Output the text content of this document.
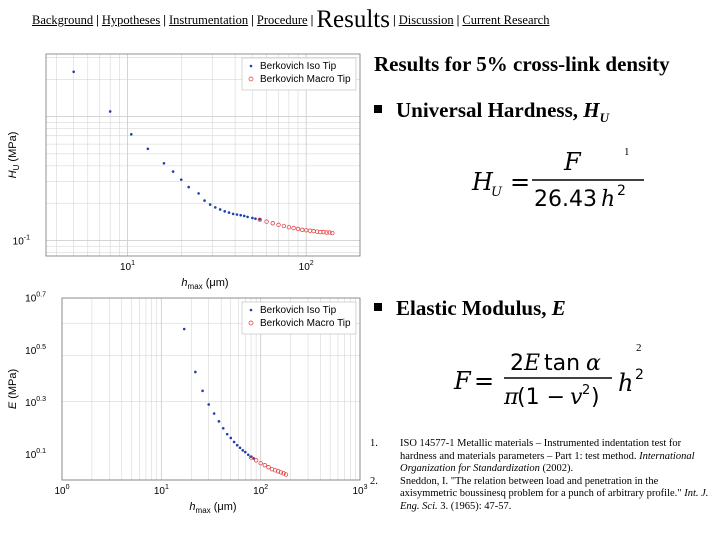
Background | Hypotheses | Instrumentation | Procedure | Results | Discussion | Current Research
$10^1$	$10^2$
$10^{-1}$
$h_{max}$ (μm)
$H_U$ (MPa)
Berkovich Iso Tip
Berkovich Macro Tip
$10^0$	$10^1$	$10^2$	$10^3$
$10^{0.1}$
$10^{0.3}$
$10^{0.5}$
$10^{0.7}$
$h_{max}$ (μm)
E (MPa)
Berkovich Iso Tip
Berkovich Macro Tip
Results for 5% cross-link density
Universal Hardness, $H_U$
1
H
U =
F
26.43 h 2
Elastic Modulus, E
2
F =
2 E tan α
π
(1 − v 2 )
h 2
1.	ISO 14577-1 Metallic materials – Instrumented indentation test for hardness and materials parameters – Part 1: test method. International Organization for Standardization (2002).
2.	Sneddon, I. "The relation between load and penetration in the axisymmetric boussinesq problem for a punch of arbitrary profile." Int. J. Eng. Sci. 3. (1965): 47-57.
